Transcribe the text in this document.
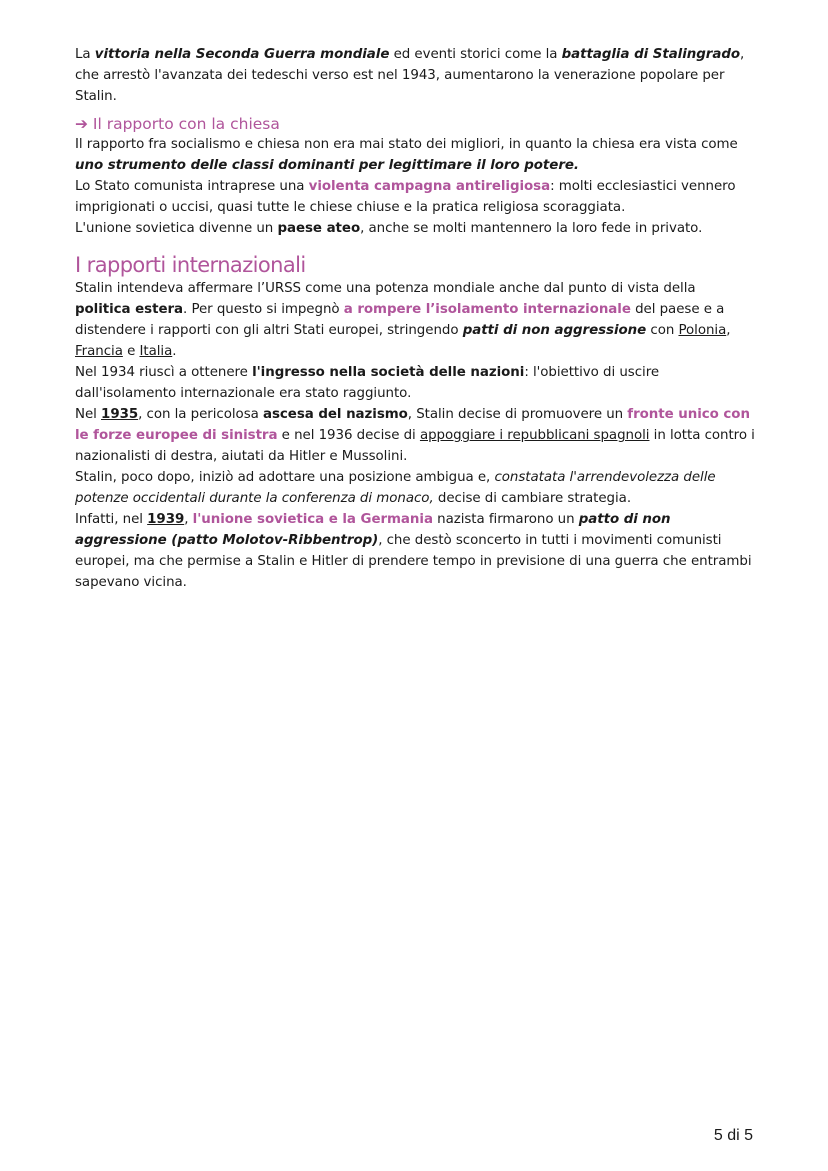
La vittoria nella Seconda Guerra mondiale ed eventi storici come la battaglia di Stalingrado, che arrestò l'avanzata dei tedeschi verso est nel 1943, aumentarono la venerazione popolare per Stalin.

➔ Il rapporto con la chiesa

Il rapporto fra socialismo e chiesa non era mai stato dei migliori, in quanto la chiesa era vista come uno strumento delle classi dominanti per legittimare il loro potere.

Lo Stato comunista intraprese una violenta campagna antireligiosa: molti ecclesiastici vennero imprigionati o uccisi, quasi tutte le chiese chiuse e la pratica religiosa scoraggiata.

L'unione sovietica divenne un paese ateo, anche se molti mantennero la loro fede in privato.

I rapporti internazionali

Stalin intendeva affermare l’URSS come una potenza mondiale anche dal punto di vista della politica estera. Per questo si impegnò a rompere l’isolamento internazionale del paese e a distendere i rapporti con gli altri Stati europei, stringendo patti di non aggressione con Polonia, Francia e Italia.

Nel 1934 riuscì a ottenere l'ingresso nella società delle nazioni: l'obiettivo di uscire dall'isolamento internazionale era stato raggiunto.

Nel 1935, con la pericolosa ascesa del nazismo, Stalin decise di promuovere un fronte unico con le forze europee di sinistra e nel 1936 decise di appoggiare i repubblicani spagnoli in lotta contro i nazionalisti di destra, aiutati da Hitler e Mussolini.

Stalin, poco dopo, iniziò ad adottare una posizione ambigua e, constatata l'arrendevolezza delle potenze occidentali durante la conferenza di monaco, decise di cambiare strategia.

Infatti, nel 1939, l'unione sovietica e la Germania nazista firmarono un patto di non aggressione (patto Molotov-Ribbentrop), che destò sconcerto in tutti i movimenti comunisti europei, ma che permise a Stalin e Hitler di prendere tempo in previsione di una guerra che entrambi sapevano vicina.

5 di 5
